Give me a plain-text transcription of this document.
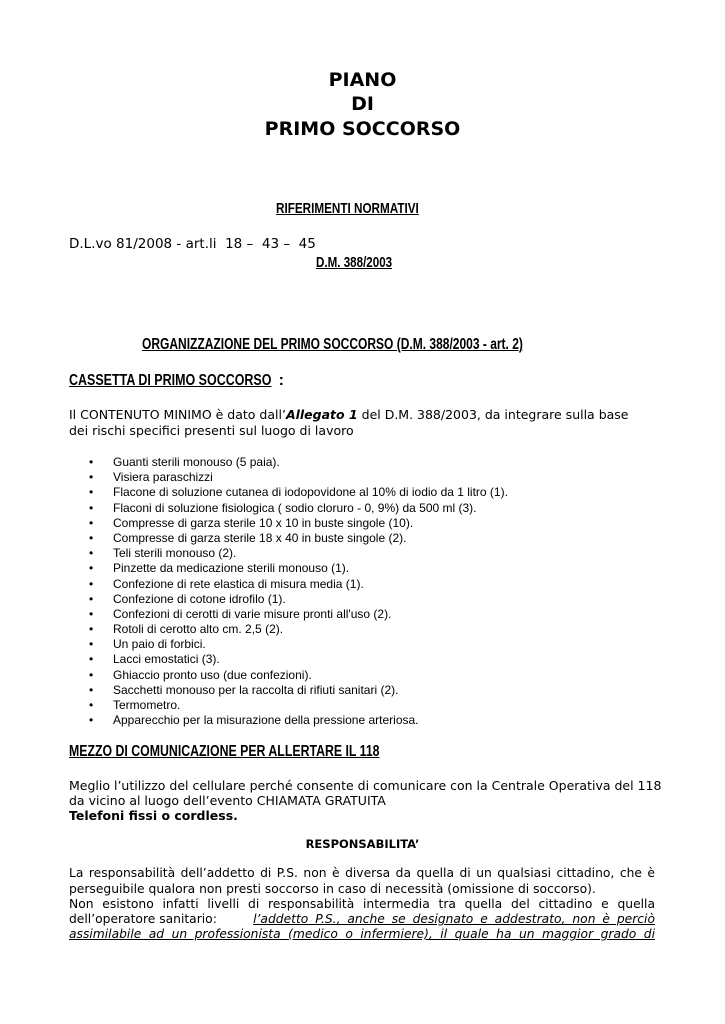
PIANO
DI
PRIMO SOCCORSO
RIFERIMENTI NORMATIVI
D.L.vo 81/2008 - art.li  18 –  43 –  45
D.M. 388/2003
ORGANIZZAZIONE DEL PRIMO SOCCORSO (D.M. 388/2003 - art. 2)
CASSETTA DI PRIMO SOCCORSO :
Il CONTENUTO MINIMO è dato dall’Allegato 1 del D.M. 388/2003, da integrare sulla base
dei rischi specifici presenti sul luogo di lavoro
• Guanti sterili monouso (5 paia).
• Visiera paraschizzi
• Flacone di soluzione cutanea di iodopovidone al 10% di iodio da 1 litro (1).
• Flaconi di soluzione fisiologica ( sodio cloruro - 0, 9%) da 500 ml (3).
• Compresse di garza sterile 10 x 10 in buste singole (10).
• Compresse di garza sterile 18 x 40 in buste singole (2).
• Teli sterili monouso (2).
• Pinzette da medicazione sterili monouso (1).
• Confezione di rete elastica di misura media (1).
• Confezione di cotone idrofilo (1).
• Confezioni di cerotti di varie misure pronti all'uso (2).
• Rotoli di cerotto alto cm. 2,5 (2).
• Un paio di forbici.
• Lacci emostatici (3).
• Ghiaccio pronto uso (due confezioni).
• Sacchetti monouso per la raccolta di rifiuti sanitari (2).
• Termometro.
• Apparecchio per la misurazione della pressione arteriosa.
MEZZO DI COMUNICAZIONE PER ALLERTARE IL 118
Meglio l’utilizzo del cellulare perché consente di comunicare con la Centrale Operativa del 118
da vicino al luogo dell’evento CHIAMATA GRATUITA
Telefoni fissi o cordless.
RESPONSABILITA’
La responsabilità dell’addetto di P.S. non è diversa da quella di un qualsiasi cittadino, che è
perseguibile qualora non presti soccorso in caso di necessità (omissione di soccorso).
Non esistono infatti livelli di responsabilità intermedia tra quella del cittadino e quella
dell’operatore sanitario:	l’addetto P.S., anche se designato e addestrato, non è perciò
assimilabile ad un professionista (medico o infermiere), il quale ha un maggior grado di
